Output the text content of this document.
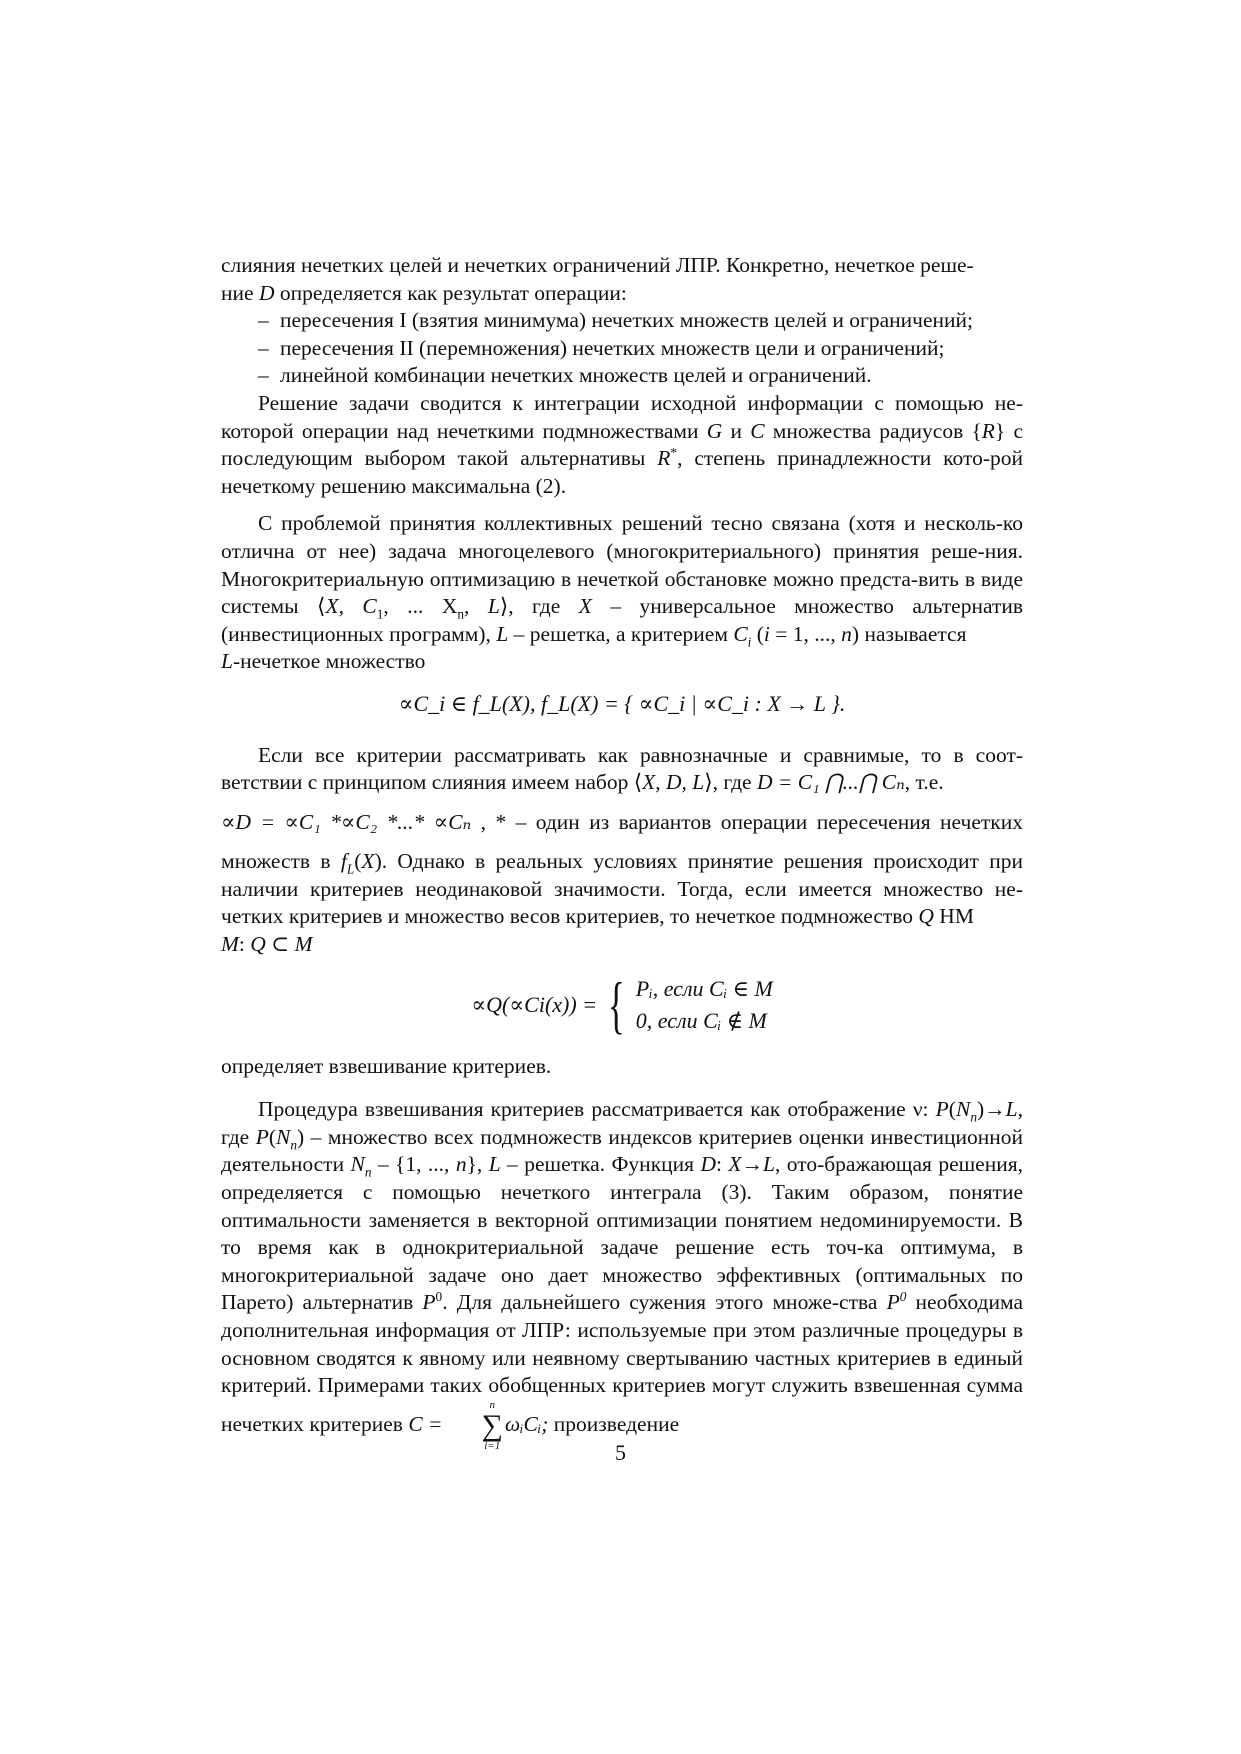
слияния нечетких целей и нечетких ограничений ЛПР. Конкретно, нечеткое реше-
ние D определяется как результат операции:

– пересечения I (взятия минимума) нечетких множеств целей и ограничений;
– пересечения II (перемножения) нечетких множеств цели и ограничений;
– линейной комбинации нечетких множеств целей и ограничений.

Решение задачи сводится к интеграции исходной информации с помощью не-которой операции над нечеткими подмножествами G и C множества радиусов {R} с последующим выбором такой альтернативы R*, степень принадлежности кото-рой нечеткому решению максимальна (2).

С проблемой принятия коллективных решений тесно связана (хотя и несколь-ко отлична от нее) задача многоцелевого (многокритериального) принятия реше-ния. Многокритериальную оптимизацию в нечеткой обстановке можно предста-вить в виде системы ⟨X, $C_1$, ... $X_n$, L⟩, где X – универсальное множество альтернатив (инвестиционных программ), L – решетка, а критерием $C_i$ (i = 1, ..., n) называется
L-нечеткое множество

∝C_i ∈ f_L(X), f_L(X) = { ∝C_i | ∝C_i : X → L }.

Если все критерии рассматривать как равнозначные и сравнимые, то в соот-ветствии с принципом слияния имеем набор ⟨X, D, L⟩, где D = C₁ ⋂...⋂ Cₙ, т.е.

∝D = ∝C₁ *∝C₂ *...* ∝Cₙ , * – один из вариантов операции пересечения нечетких

множеств в $f_L(X)$. Однако в реальных условиях принятие решения происходит при наличии критериев неодинаковой значимости. Тогда, если имеется множество не-четких критериев и множество весов критериев, то нечеткое подмножество Q НМ
M: Q ⊂ M

∝Q(∝Ci(x)) = { Pᵢ, если Cᵢ ∈ M
0, если Cᵢ ∉ M

определяет взвешивание критериев.

Процедура взвешивания критериев рассматривается как отображение ν: $P(N_n)\to L$, где $P(N_n)$ – множество всех подмножеств индексов критериев оценки инвестиционной деятельности $N_n - \{1$, ..., n}, L – решетка. Функция D: X→L, ото-бражающая решения, определяется с помощью нечеткого интеграла (3). Таким образом, понятие оптимальности заменяется в векторной оптимизации понятием недоминируемости. В то время как в однокритериальной задаче решение есть точ-ка оптимума, в многокритериальной задаче оно дает множество эффективных (оптимальных по Парето) альтернатив $P^0$. Для дальнейшего сужения этого множе-ства $P^0$ необходима дополнительная информация от ЛПР: используемые при этом различные процедуры в основном сводятся к явному или неявному свертыванию частных критериев в единый критерий. Примерами таких обобщенных критериев могут служить взвешенная сумма нечетких критериев C =
n
∑
i=1
ωᵢCᵢ; произведение

5
